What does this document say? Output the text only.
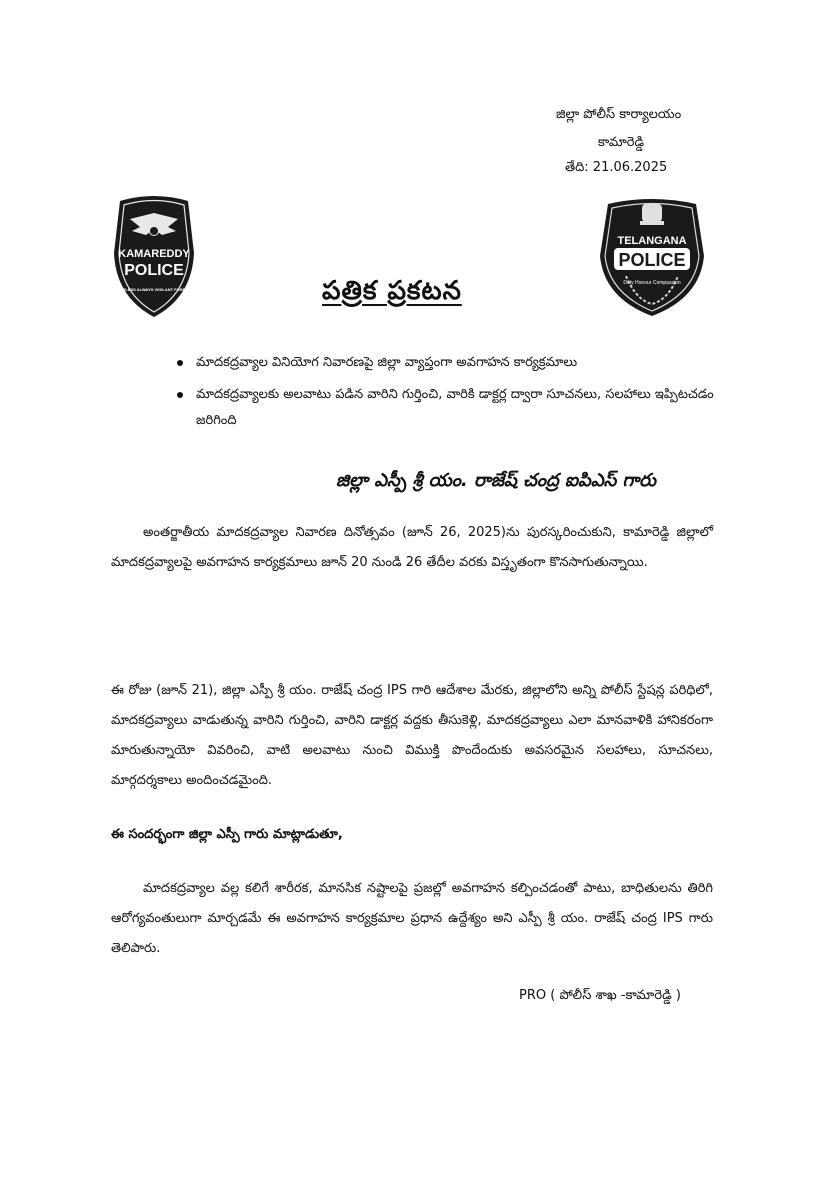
జిల్లా పోలీస్ కార్యాలయం
కామారెడ్డి
తేది: 21.06.2025
KAMAREDDY
POLICE
FEARLESS ALWAYS VIGILANT FOREVER
TELANGANA
POLICE
Duty Honour Compassion
పత్రిక ప్రకటన
మాదకద్రవ్యాల వినియోగ నివారణపై జిల్లా వ్యాప్తంగా అవగాహన కార్యక్రమాలు
మాదకద్రవ్యాలకు అలవాటు పడిన వారిని గుర్తించి, వారికి డాక్టర్ల ద్వారా సూచనలు, సలహాలు ఇప్పిటచడం జరిగింది
జిల్లా ఎస్పీ శ్రీ యం. రాజేష్ చంద్ర ఐపిఎస్ గారు

అంతర్జాతీయ మాదకద్రవ్యాల నివారణ దినోత్సవం (జూన్ 26, 2025)ను పురస్కరించుకుని, కామారెడ్డి జిల్లాలో మాదకద్రవ్యాలపై అవగాహన కార్యక్రమాలు జూన్ 20 నుండి 26 తేదీల వరకు విస్తృతంగా కొనసాగుతున్నాయి.

ఈ రోజు (జూన్ 21), జిల్లా ఎస్పీ శ్రీ యం. రాజేష్ చంద్ర IPS గారి ఆదేశాల మేరకు, జిల్లాలోని అన్ని పోలీస్ స్టేషన్ల పరిధిలో, మాదకద్రవ్యాలు వాడుతున్న వారిని గుర్తించి, వారిని డాక్టర్ల వద్దకు తీసుకెళ్లి, మాదకద్రవ్యాలు ఎలా మానవాళికి హానికరంగా మారుతున్నాయో వివరించి, వాటి అలవాటు నుంచి విముక్తి పొందేందుకు అవసరమైన సలహాలు, సూచనలు, మార్గదర్శకాలు అందించడమైంది.

ఈ సందర్భంగా జిల్లా ఎస్పీ గారు మాట్లాడుతూ,

మాదకద్రవ్యాల వల్ల కలిగే శారీరక, మానసిక నష్టాలపై ప్రజల్లో అవగాహన కల్పించడంతో పాటు, బాధితులను తిరిగి ఆరోగ్యవంతులుగా మార్చడమే ఈ అవగాహన కార్యక్రమాల ప్రధాన ఉద్దేశ్యం అని ఎస్పీ శ్రీ యం. రాజేష్ చంద్ర IPS గారు తెలిపారు.

PRO ( పోలీస్ శాఖ -కామారెడ్డి )
